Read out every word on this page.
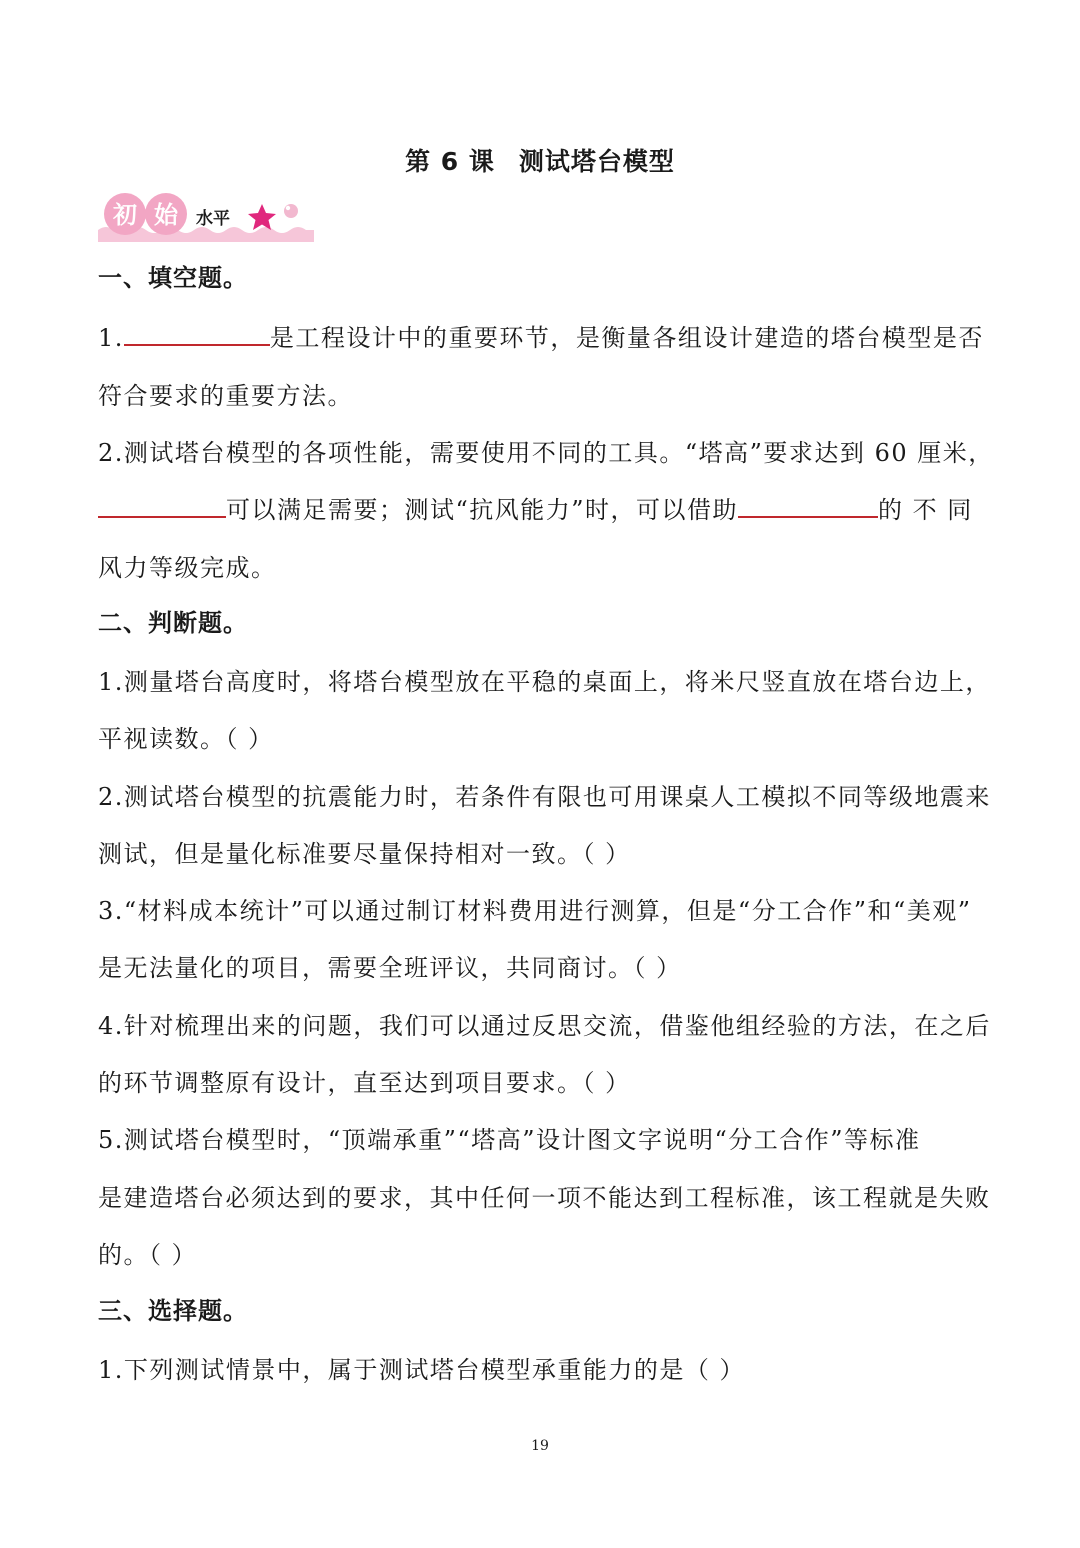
第 6 课 测试塔台模型
初 始 水平
一、填空题。
1.	是工程设计中的重要环节，是衡量各组设计建造的塔台模型是否
符合要求的重要方法。
2.测试塔台模型的各项性能，需要使用不同的工具。“塔高”要求达到 60 厘米，
可以满足需要；测试“抗风能力”时，可以借助	的 不 同
风力等级完成。
二、判断题。
1.测量塔台高度时，将塔台模型放在平稳的桌面上，将米尺竖直放在塔台边上，
平视读数。（ ）
2.测试塔台模型的抗震能力时，若条件有限也可用课桌人工模拟不同等级地震来
测试，但是量化标准要尽量保持相对一致。（ ）
3.“材料成本统计”可以通过制订材料费用进行测算，但是“分工合作”和“美观”
是无法量化的项目，需要全班评议，共同商讨。（ ）
4.针对梳理出来的问题，我们可以通过反思交流，借鉴他组经验的方法，在之后
的环节调整原有设计，直至达到项目要求。（ ）
5.测试塔台模型时，“顶端承重”“塔高”设计图文字说明“分工合作”等标准
是建造塔台必须达到的要求，其中任何一项不能达到工程标准，该工程就是失败
的。（ ）
三、选择题。
1.下列测试情景中，属于测试塔台模型承重能力的是（ ）
19
